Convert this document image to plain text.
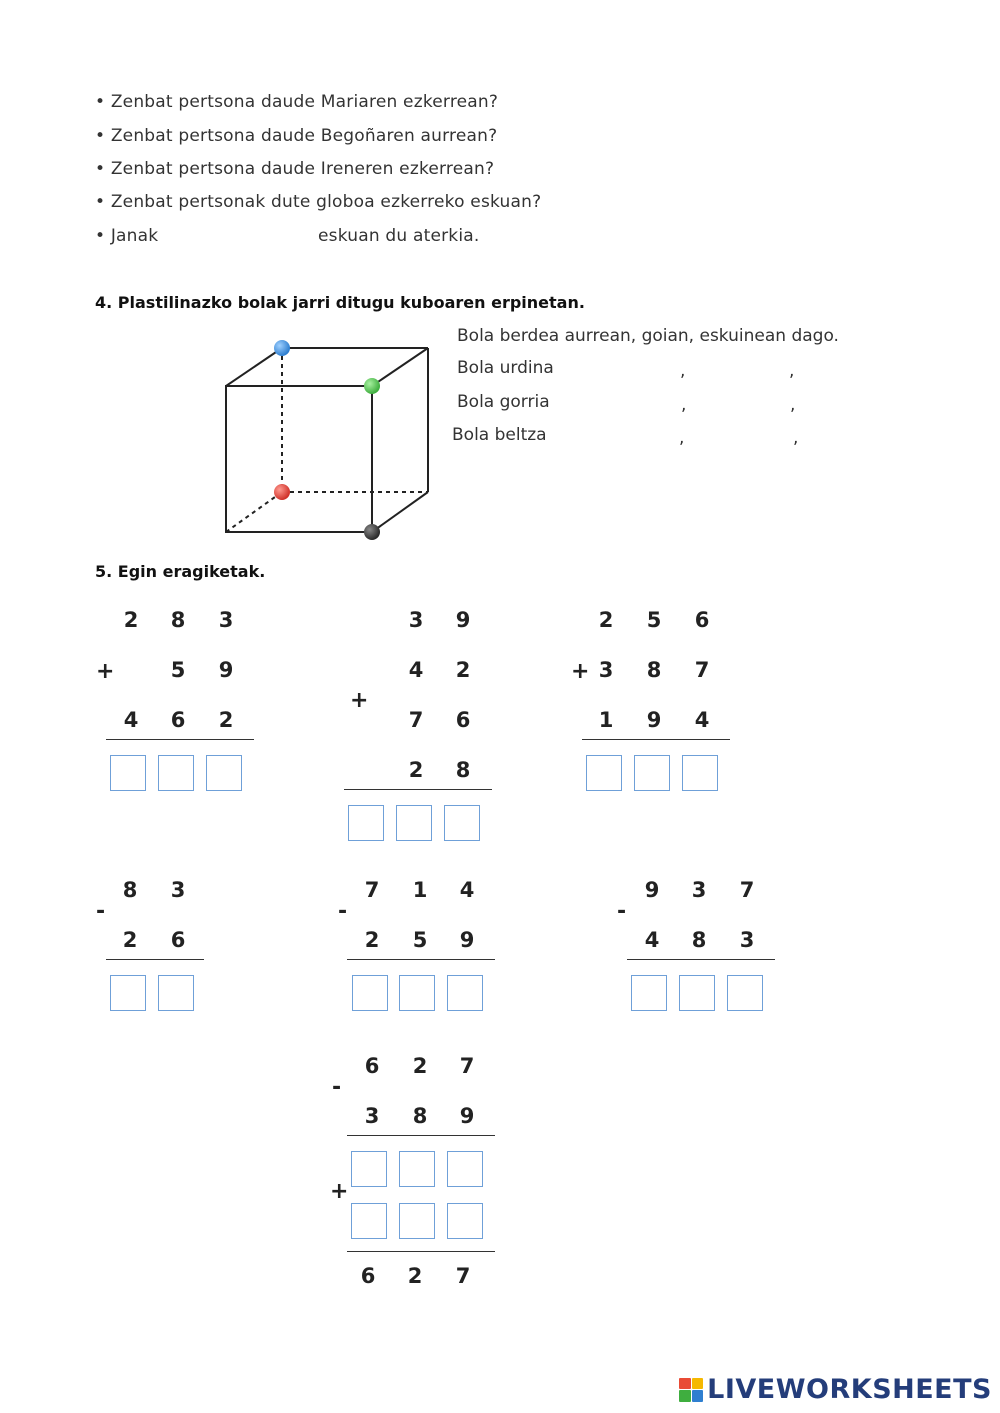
• Zenbat pertsona daude Mariaren ezkerrean?
• Zenbat pertsona daude Begoñaren aurrean?
• Zenbat pertsona daude Ireneren ezkerrean?
• Zenbat pertsonak dute globoa ezkerreko eskuan?
• Janak	eskuan du aterkia.
4. Plastilinazko bolak jarri ditugu kuboaren erpinetan.
Bola berdea aurrean, goian, eskuinean dago.
Bola urdina	,	,
Bola gorria	,	,
Bola beltza	,	,
5. Egin eragiketak.
2 8 3
+	5 9
4 6 2
3 9
4 2
+
7 6
2 8
2 5 6
+ 3 8 7
1 9 4
-
8 3
2 6
-
7 1 4
2 5 9
-
9 3 7
4 8 3
-
6 2 7
3 8 9
+
6 2 7
LIVEWORKSHEETS
